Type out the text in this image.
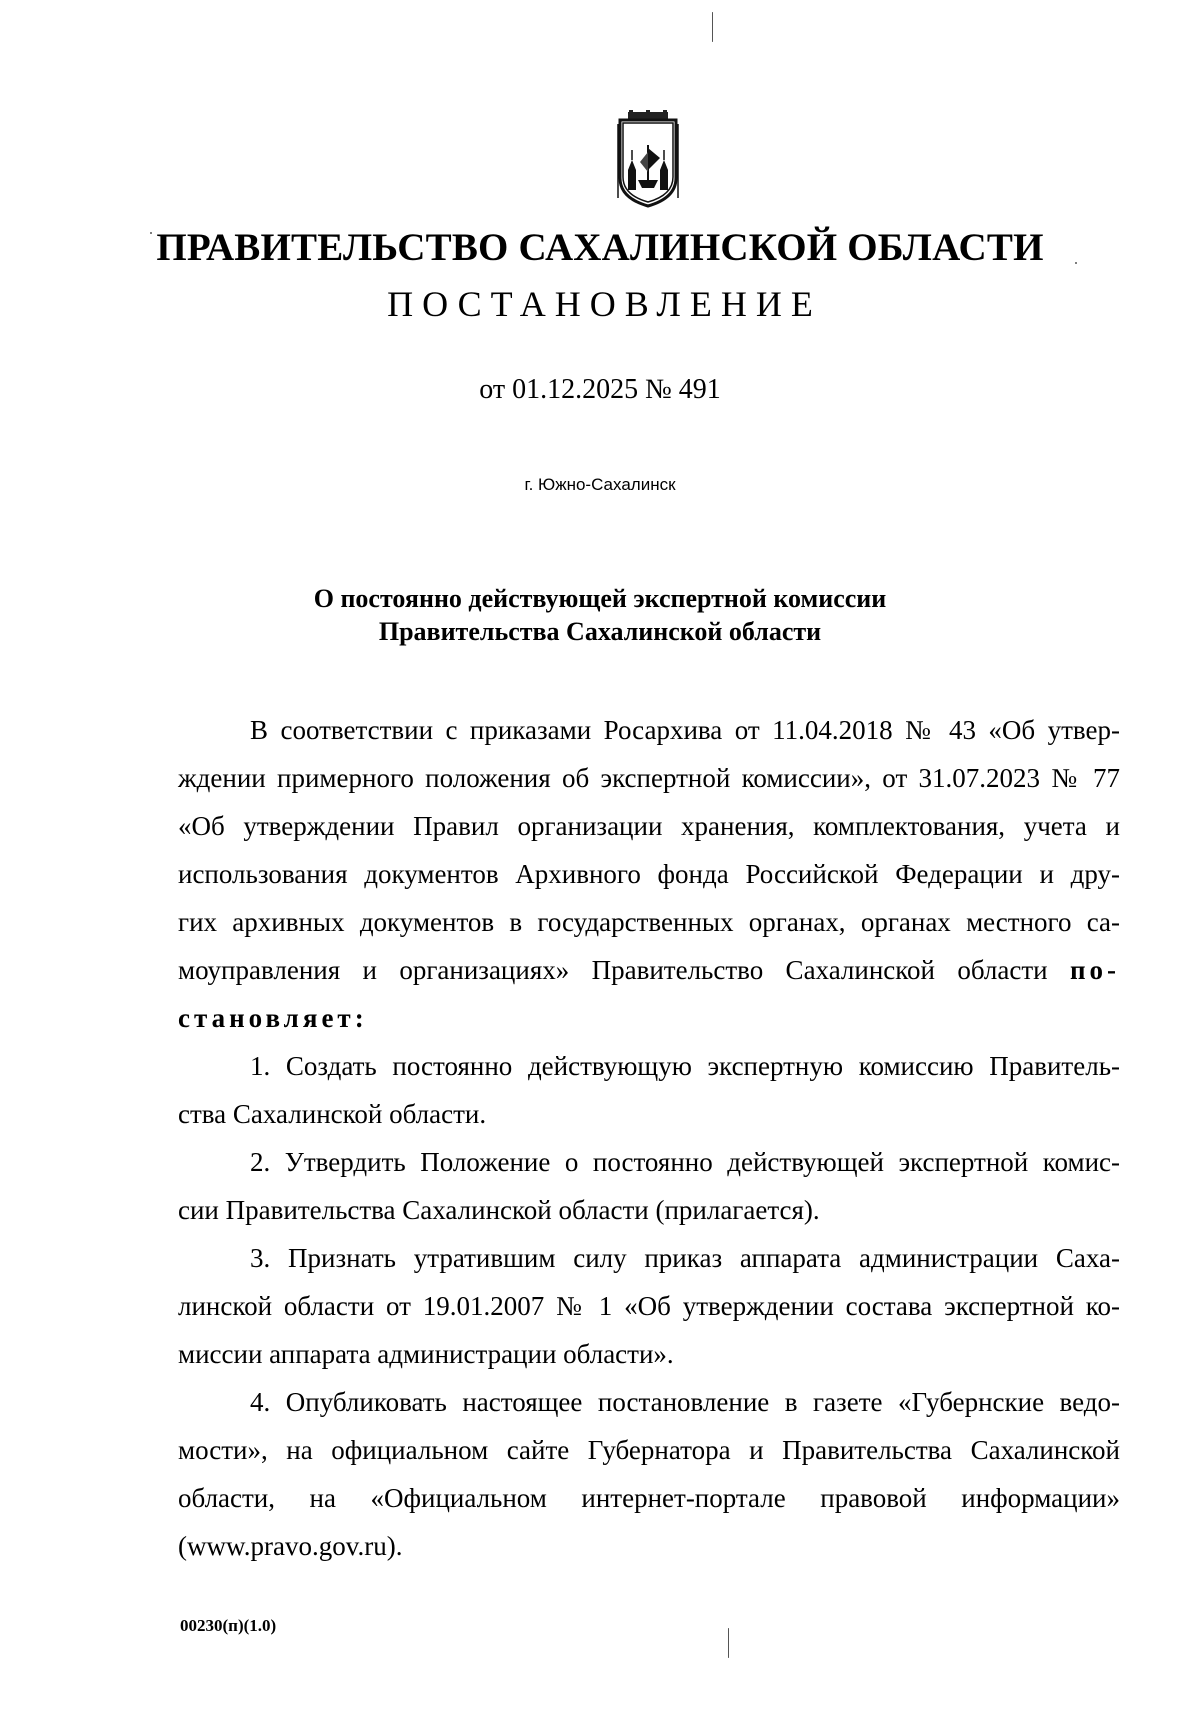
ПРАВИТЕЛЬСТВО САХАЛИНСКОЙ ОБЛАСТИ
ПОСТАНОВЛЕНИЕ
от 01.12.2025 № 491
г. Южно-Сахалинск
О постоянно действующей экспертной комиссии
Правительства Сахалинской области
В соответствии с приказами Росархива от 11.04.2018 № 43 «Об утвер-
ждении примерного положения об экспертной комиссии», от 31.07.2023 № 77
«Об утверждении Правил организации хранения, комплектования, учета и
использования документов Архивного фонда Российской Федерации и дру-
гих архивных документов в государственных органах, органах местного са-
моуправления и организациях» Правительство Сахалинской области по-
становляет:
1. Создать постоянно действующую экспертную комиссию Правитель-
ства Сахалинской области.
2. Утвердить Положение о постоянно действующей экспертной комис-
сии Правительства Сахалинской области (прилагается).
3. Признать утратившим силу приказ аппарата администрации Саха-
линской области от 19.01.2007 № 1 «Об утверждении состава экспертной ко-
миссии аппарата администрации области».
4. Опубликовать настоящее постановление в газете «Губернские ведо-
мости», на официальном сайте Губернатора и Правительства Сахалинской
области, на «Официальном интернет-портале правовой информации»
(www.pravo.gov.ru).
00230(п)(1.0)
